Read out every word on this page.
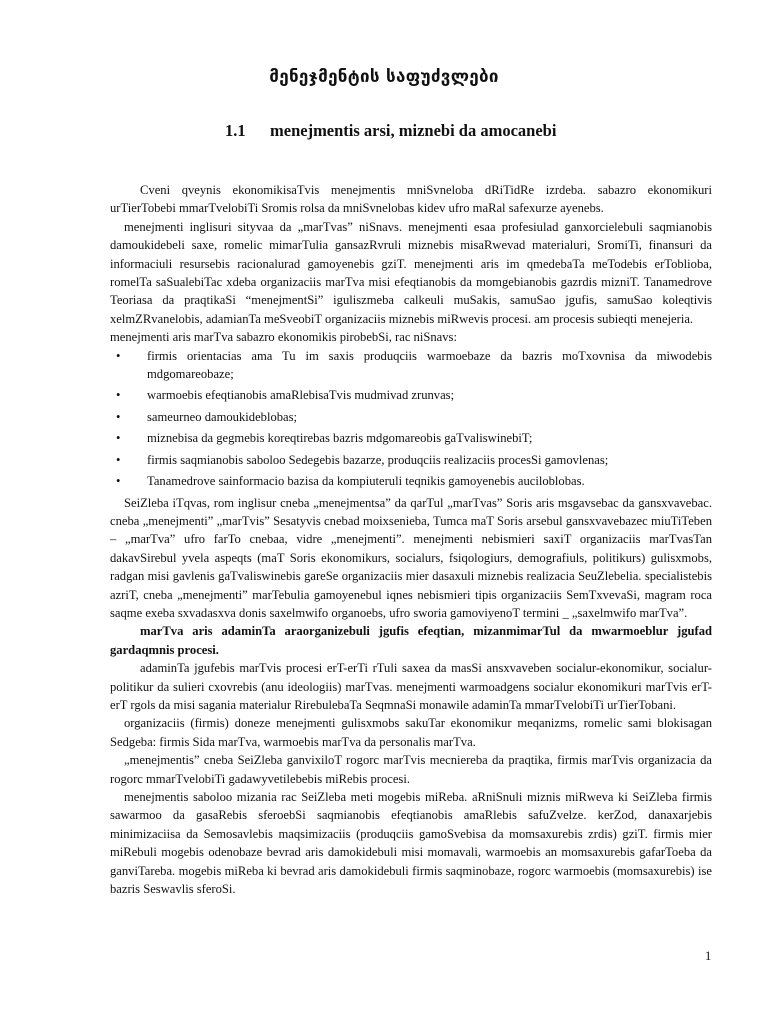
მენეჯმენტის საფუძვლები
1.1 menejmentis arsi, miznebi da amocanebi

Cveni qveynis ekonomikisaTvis menejmentis mniSvneloba dRiTidRe izrdeba. sabazro ekonomikuri urTierTobebi mmarTvelobiTi Sromis rolsa da mniSvnelobas kidev ufro maRal safexurze ayenebs.

menejmenti inglisuri sityvaa da „marTvas” niSnavs. menejmenti esaa profesiulad ganxorcielebuli saqmianobis damoukidebeli saxe, romelic mimarTulia gansazRvruli miznebis misaRwevad materialuri, SromiTi, finansuri da informaciuli resursebis racionalurad gamoyenebis gziT. menejmenti aris im qmedebaTa meTodebis erToblioba, romelTa saSualebiTac xdeba organizaciis marTva misi efeqtianobis da momgebianobis gazrdis mizniT. Tanamedrove Teoriasa da praqtikaSi “menejmentSi” iguliszmeba calkeuli muSakis, samuSao jgufis, samuSao koleqtivis xelmZRvanelobis, adamianTa meSveobiT organizaciis miznebis miRwevis procesi. am procesis subieqti menejeria.

menejmenti aris marTva sabazro ekonomikis pirobebSi, rac niSnavs:

• firmis orientacias ama Tu im saxis produqciis warmoebaze da bazris moTxovnisa da miwodebis mdgomareobaze;
• warmoebis efeqtianobis amaRlebisaTvis mudmivad zrunvas;
• sameurneo damoukideblobas;
• miznebisa da gegmebis koreqtirebas bazris mdgomareobis gaTvaliswinebiT;
• firmis saqmianobis saboloo Sedegebis bazarze, produqciis realizaciis procesSi gamovlenas;
• Tanamedrove sainformacio bazisa da kompiuteruli teqnikis gamoyenebis auciloblobas.

SeiZleba iTqvas, rom inglisur cneba „menejmentsa” da qarTul „marTvas” Soris aris msgavsebac da gansxvavebac. cneba „menejmenti” „marTvis” Sesatyvis cnebad moixsenieba, Tumca maT Soris arsebul gansxvavebazec miuTiTeben – „marTva” ufro farTo cnebaa, vidre „menejmenti”. menejmenti nebismieri saxiT organizaciis marTvasTan dakavSirebul yvela aspeqts (maT Soris ekonomikurs, socialurs, fsiqologiurs, demografiuls, politikurs) gulisxmobs, radgan misi gavlenis gaTvaliswinebis gareSe organizaciis mier dasaxuli miznebis realizacia SeuZlebelia. specialistebis azriT, cneba „menejmenti” marTebulia gamoyenebul iqnes nebismieri tipis organizaciis SemTxvevaSi, magram roca saqme exeba sxvadasxva donis saxelmwifo organoebs, ufro sworia gamoviyenoT termini _ „saxelmwifo marTva”.

marTva aris adaminTa araorganizebuli jgufis efeqtian, mizanmimarTul da mwarmoeblur jgufad gardaqmnis procesi.

adaminTa jgufebis marTvis procesi erT-erTi rTuli saxea da masSi ansxvaveben socialur-ekonomikur, socialur-politikur da sulieri cxovrebis (anu ideologiis) marTvas. menejmenti warmoadgens socialur ekonomikuri marTvis erT-erT rgols da misi sagania materialur RirebulebaTa SeqmnaSi monawile adaminTa mmarTvelobiTi urTierTobani.

organizaciis (firmis) doneze menejmenti gulisxmobs sakuTar ekonomikur meqanizms, romelic sami blokisagan Sedgeba: firmis Sida marTva, warmoebis marTva da personalis marTva.

„menejmentis” cneba SeiZleba ganvixiloT rogorc marTvis mecniereba da praqtika, firmis marTvis organizacia da rogorc mmarTvelobiTi gadawyvetilebebis miRebis procesi.

menejmentis saboloo mizania rac SeiZleba meti mogebis miReba. aRniSnuli miznis miRweva ki SeiZleba firmis sawarmoo da gasaRebis sferoebSi saqmianobis efeqtianobis amaRlebis safuZvelze. kerZod, danaxarjebis minimizaciisa da Semosavlebis maqsimizaciis (produqciis gamoSvebisa da momsaxurebis zrdis) gziT. firmis mier miRebuli mogebis odenobaze bevrad aris damokidebuli misi momavali, warmoebis an momsaxurebis gafarToeba da ganviTareba. mogebis miReba ki bevrad aris damokidebuli firmis saqminobaze, rogorc warmoebis (momsaxurebis) ise bazris Seswavlis sferoSi.

1
